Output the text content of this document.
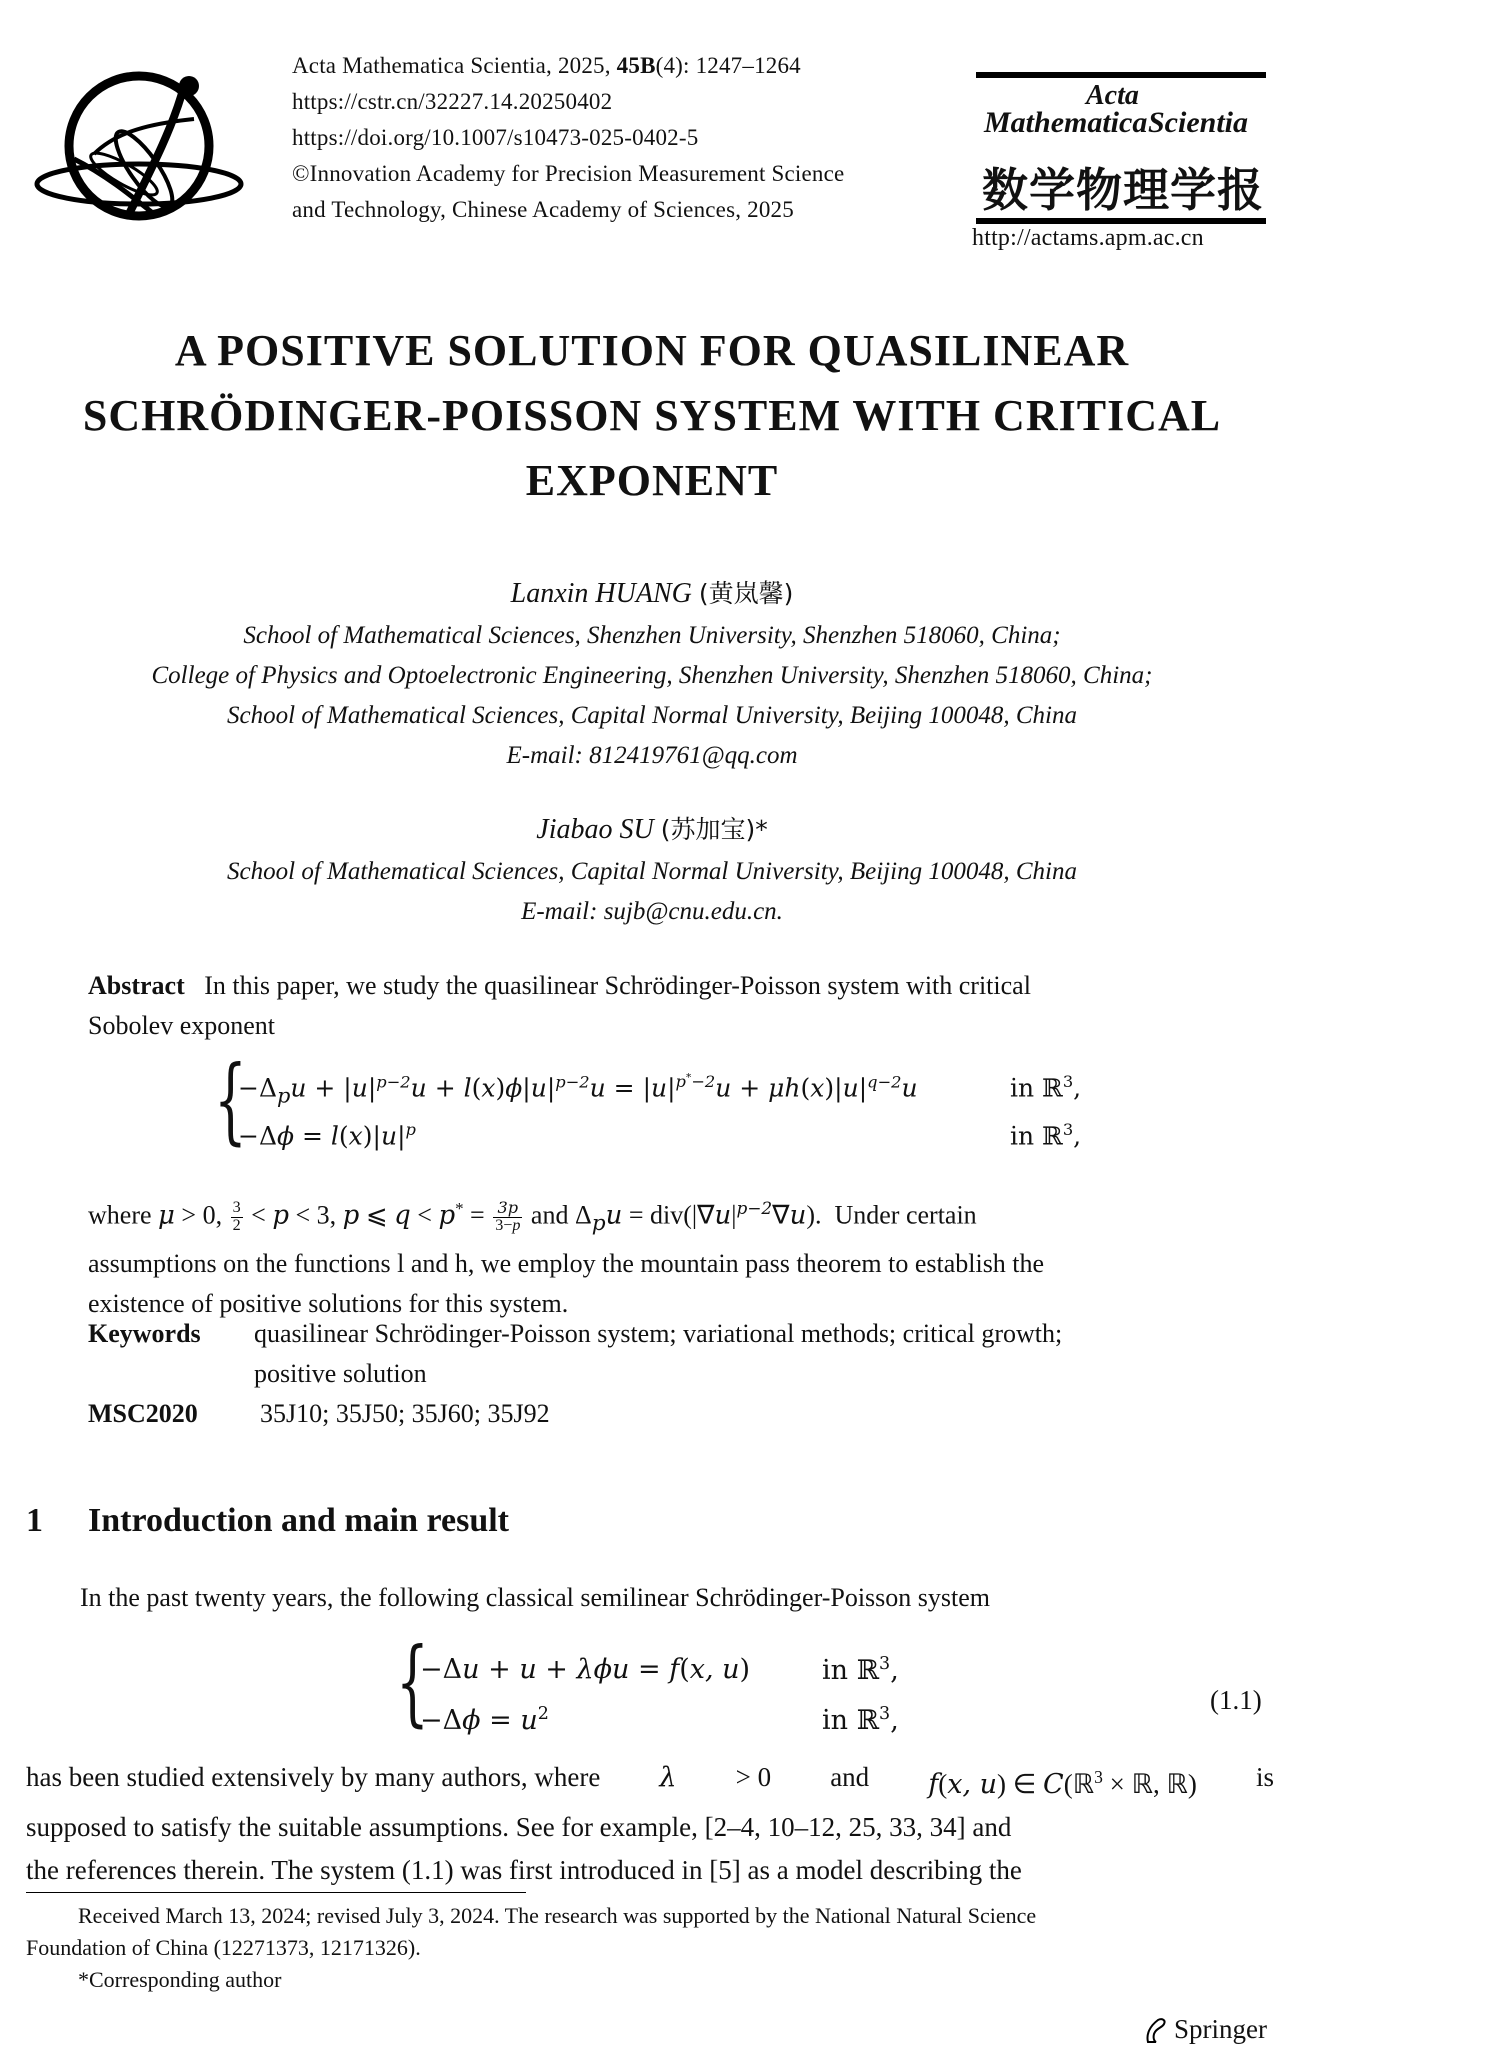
Acta Mathematica Scientia, 2025, 45B(4): 1247–1264
https://cstr.cn/32227.14.20250402
https://doi.org/10.1007/s10473-025-0402-5
©Innovation Academy for Precision Measurement Science
and Technology, Chinese Academy of Sciences, 2025
Mathematica
Acta
Scientia
数学物理学报
http://actams.apm.ac.cn
A POSITIVE SOLUTION FOR QUASILINEAR
SCHRÖDINGER-POISSON SYSTEM WITH CRITICAL
EXPONENT
Lanxin HUANG (黄岚馨)
School of Mathematical Sciences, Shenzhen University, Shenzhen 518060, China;
College of Physics and Optoelectronic Engineering, Shenzhen University, Shenzhen 518060, China;
School of Mathematical Sciences, Capital Normal University, Beijing 100048, China
E-mail: 812419761@qq.com
Jiabao SU (苏加宝)*
School of Mathematical Sciences, Capital Normal University, Beijing 100048, China
E-mail: sujb@cnu.edu.cn.
Abstract In this paper, we study the quasilinear Schrödinger-Poisson system with critical
Sobolev exponent
{
$-\Delta_pu + |u|^{p-2}u + l(x)\phi|u|^{p-2}u = |u|^{p^*-2}u + \mu h(x)|u|^{q-2}u$	in ℝ$^3$,
$-\Delta\phi = l(x)|u|^p$	in ℝ$^3$,
where μ > 0, $\frac{3}{2} < p < 3$, p ⩽ $q < p^* = \frac{3p}{3-p}$ and $\Delta_pu = div(|\nabla u|^{p-2}\nabla u)$.  Under certain
assumptions on the functions l and h, we employ the mountain pass theorem to establish the
existence of positive solutions for this system.
Keywords quasilinear Schrödinger-Poisson system; variational methods; critical growth;
positive solution
MSC2020 35J10; 35J50; 35J60; 35J92
1 Introduction and main result
In the past twenty years, the following classical semilinear Schrödinger-Poisson system
{
−Δu + u + λϕu = f(x, u)	in ℝ$^3$,
$-\Delta\phi = u^2$	in ℝ$^3$,
(1.1)
has been studied extensively by many authors, where λ > 0 and f(x, u) ∈ C(ℝ$^3$ × ℝ, ℝ) is
supposed to satisfy the suitable assumptions. See for example, [2–4, 10–12, 25, 33, 34] and
the references therein. The system (1.1) was first introduced in [5] as a model describing the
Received March 13, 2024; revised July 3, 2024. The research was supported by the National Natural Science
Foundation of China (12271373, 12171326).
*Corresponding author
Springer
